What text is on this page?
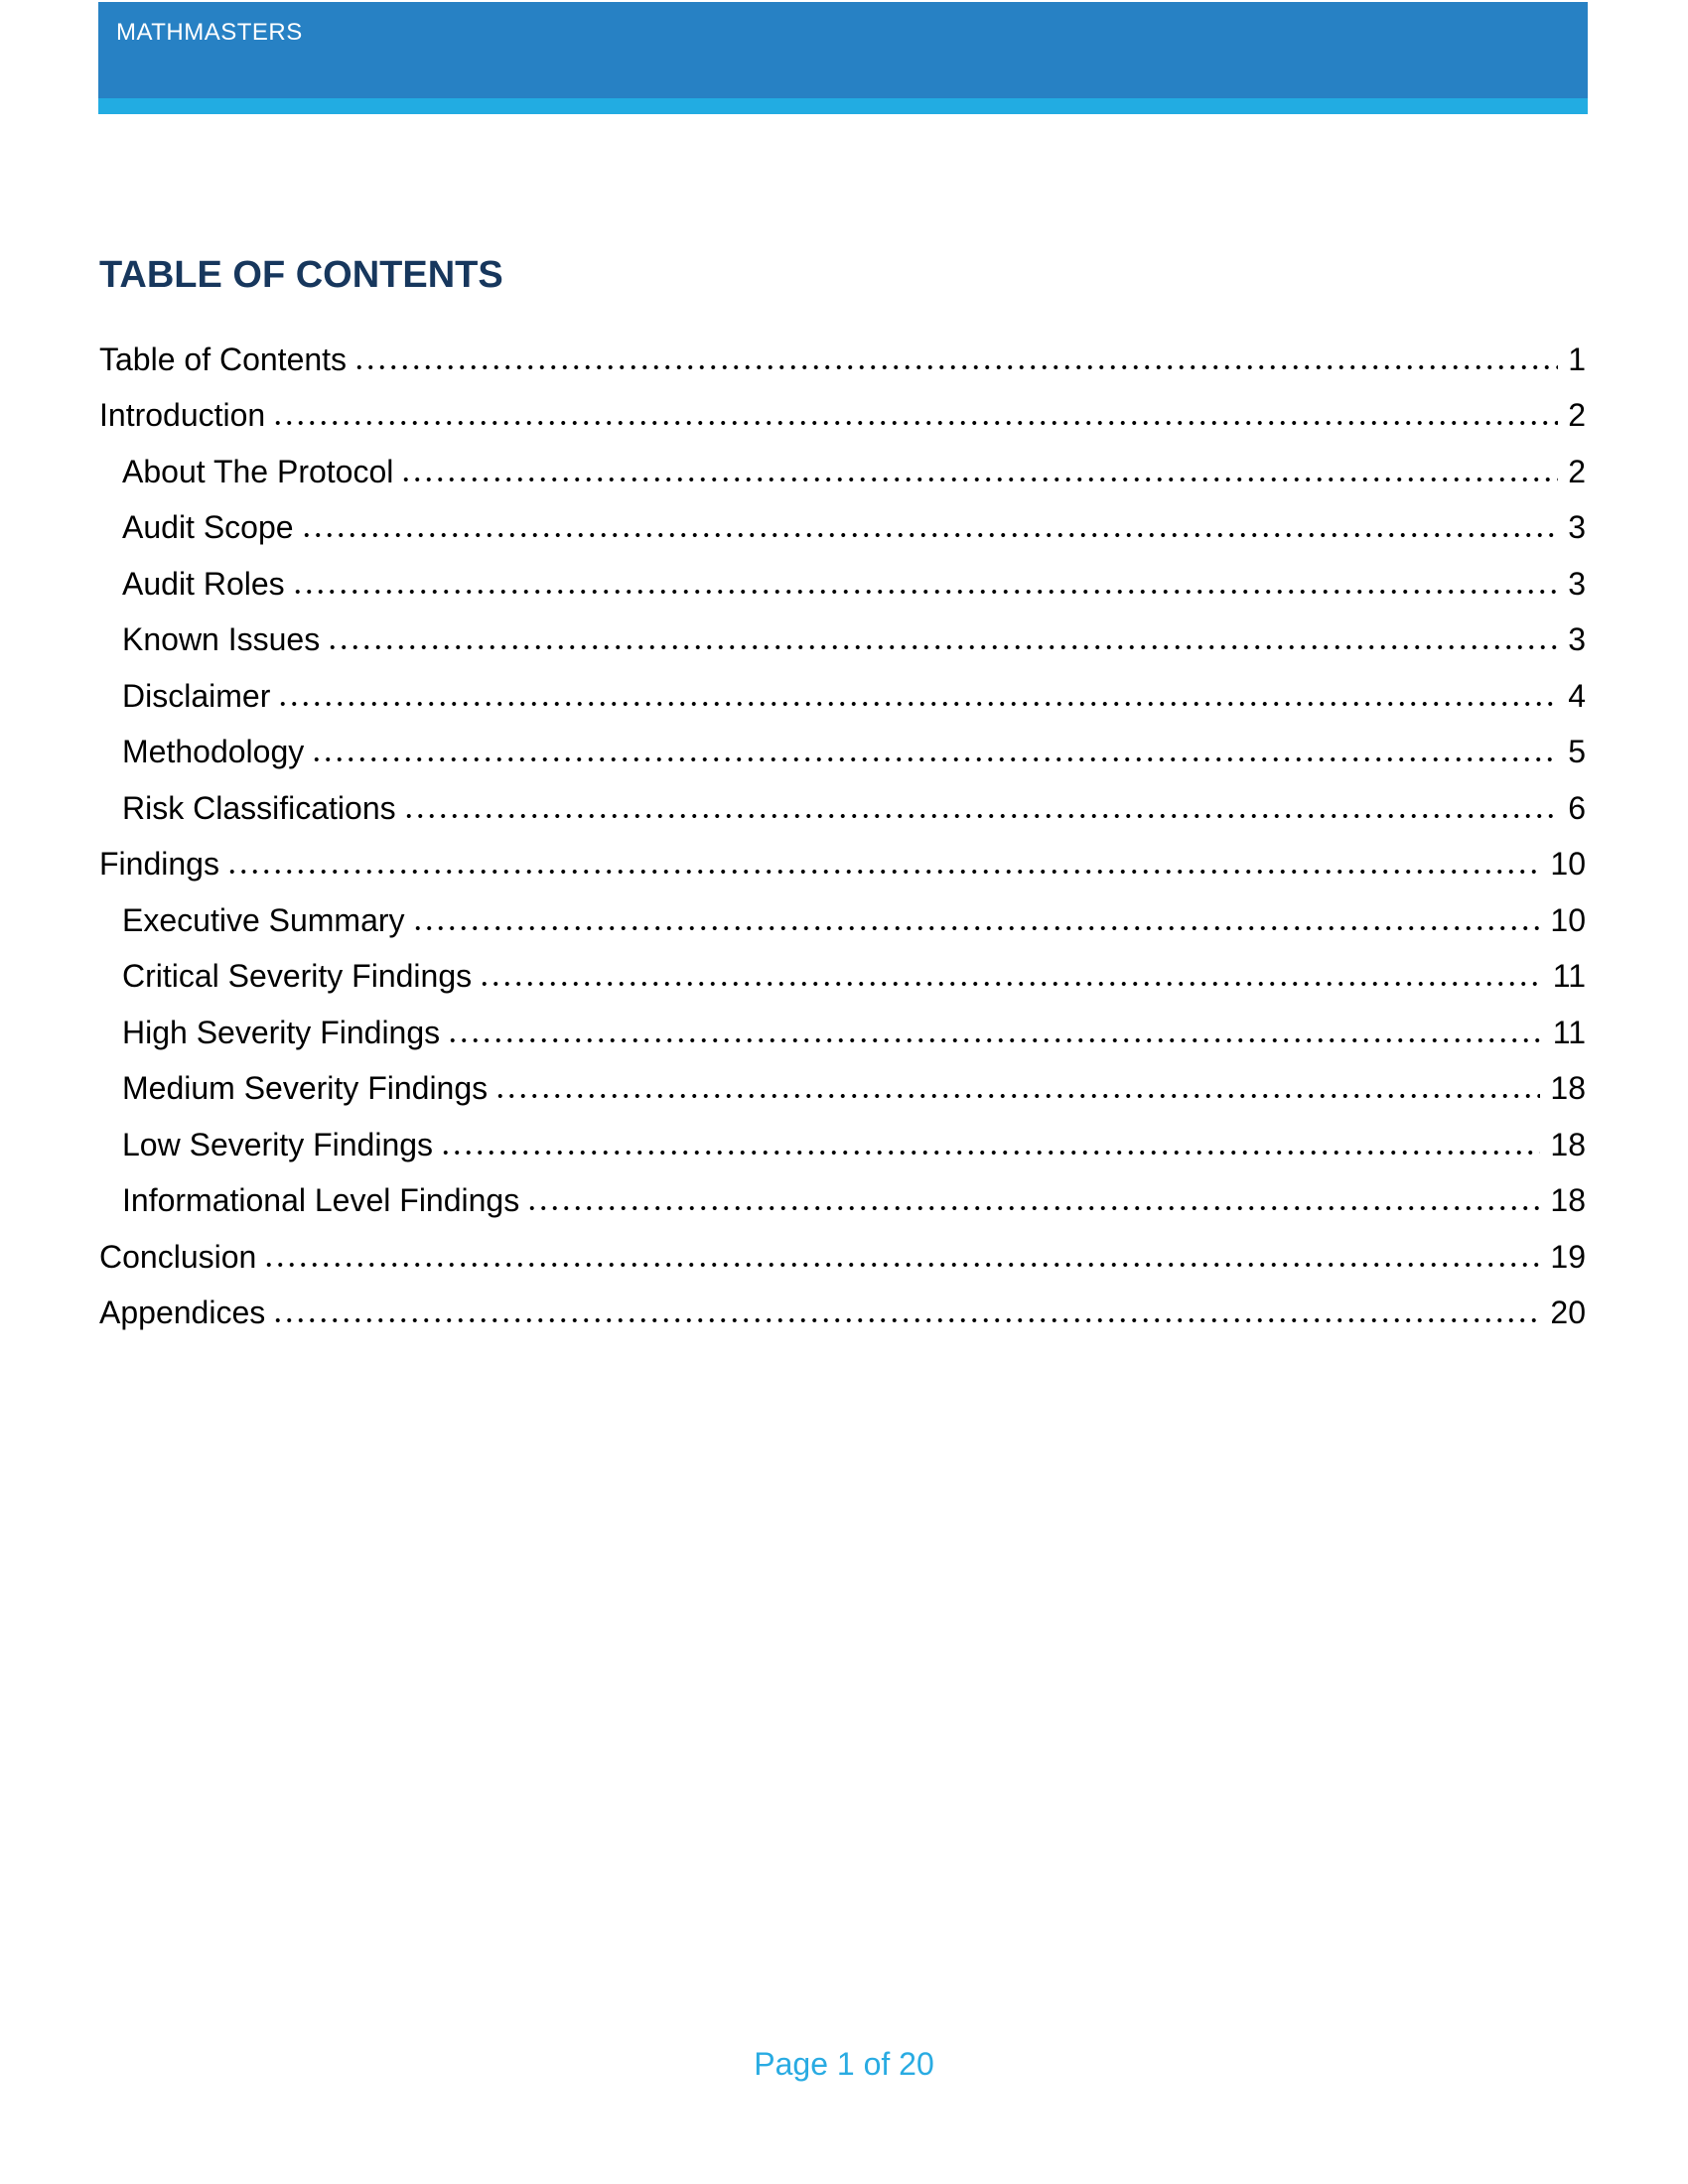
MATHMASTERS
TABLE OF CONTENTS
Table of Contents	1
Introduction	2
About The Protocol	2
Audit Scope	3
Audit Roles	3
Known Issues	3
Disclaimer	4
Methodology	5
Risk Classifications	6
Findings	10
Executive Summary	10
Critical Severity Findings	11
High Severity Findings	11
Medium Severity Findings	18
Low Severity Findings	18
Informational Level Findings	18
Conclusion	19
Appendices	20
Page 1 of 20
